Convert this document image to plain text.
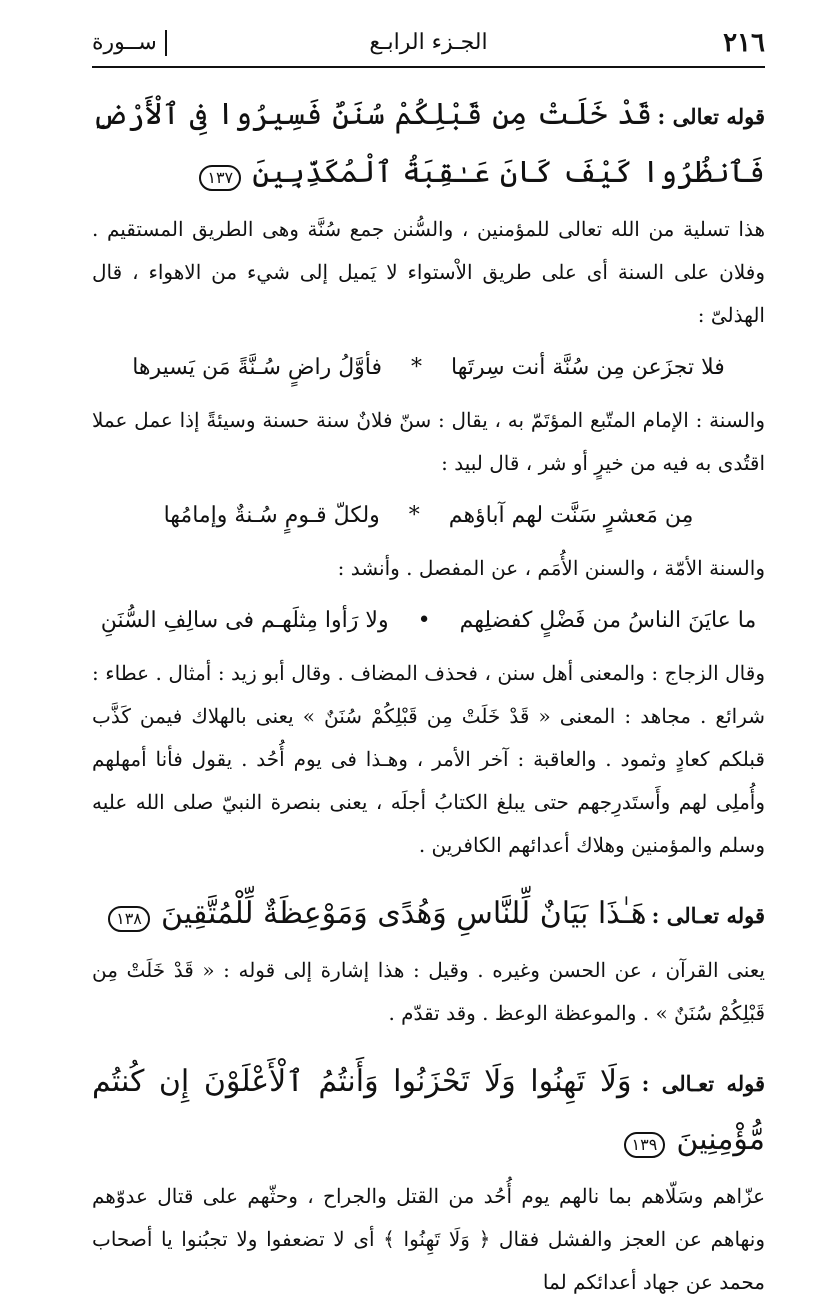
٢١٦
الجـزء الرابـع
ســورة
قوله تعالى : قَدْ خَلَتْ مِن قَبْلِكُمْ سُنَنٌ فَسِيرُوا فِى ٱلْأَرْضِ فَٱنظُرُوا كَيْفَ كَانَ عَـٰقِبَةُ ٱلْمُكَذِّبِينَ ١٣٧

هذا تسلية من الله تعالى للمؤمنين ، والسُّنن جمع سُنَّة وهى الطريق المستقيم . وفلان على السنة أى على طريق الاْستواء لا يَميل إلى شيء من الاهواء ، قال الهذلىّ :

فلا تجزَعن مِن سُنَّة أنت سِرتَها * فأوَّلُ راضٍ سُـنَّةً مَن يَسيرها

والسنة : الإمام المتّبع المؤتَمّ به ، يقال : سنّ فلانٌ سنة حسنة وسيئةً إذا عمل عملا اقتُدى به فيه من خيرٍ أو شر ، قال لبيد :

مِن مَعشرٍ سَنَّت لهم آباؤهم * ولكلّ قـومٍ سُـنةٌ وإمامُها

والسنة الأمّة ، والسنن الأُمَم ، عن المفصل . وأنشد :

ما عايَنَ الناسُ من فَضْلٍ كفضلِهم • ولا رَأوا مِثلَهـم فى سالِفِ السُّنَنِ

وقال الزجاج : والمعنى أهل سنن ، فحذف المضاف . وقال أبو زيد : أمثال . عطاء : شرائع . مجاهد : المعنى « قَدْ خَلَتْ مِن قَبْلِكُمْ سُنَنٌ » يعنى بالهلاك فيمن كَذَّب قبلكم كعادٍ وثمود . والعاقبة : آخر الأمر ، وهـذا فى يوم أُحُد . يقول فأنا أمهلهم وأُملِى لهم وأَستَدرِجهم حتى يبلغ الكتابُ أجلَه ، يعنى بنصرة النبيّ صلى الله عليه وسلم والمؤمنين وهلاك أعدائهم الكافرين .

قوله تعـالى : هَـٰذَا بَيَانٌ لِّلنَّاسِ وَهُدًى وَمَوْعِظَةٌ لِّلْمُتَّقِينَ ١٣٨

يعنى القرآن ، عن الحسن وغيره . وقيل : هذا إشارة إلى قوله : « قَدْ خَلَتْ مِن قَبْلِكُمْ سُنَنٌ » . والموعظة الوعظ . وقد تقدّم .

قوله تعـالى : وَلَا تَهِنُوا وَلَا تَحْزَنُوا وَأَنتُمُ ٱلْأَعْلَوْنَ إِن كُنتُم مُّؤْمِنِينَ ١٣٩

عزّاهم وسَلّاهم بما نالهم يوم أُحُد من القتل والجراح ، وحثّهم على قتال عدوّهم ونهاهم عن العجز والفشل فقال ﴿ وَلَا تَهِنُوا ﴾ أى لا تضعفوا ولا تجبُنوا يا أصحاب محمد عن جهاد أعدائكم لما
